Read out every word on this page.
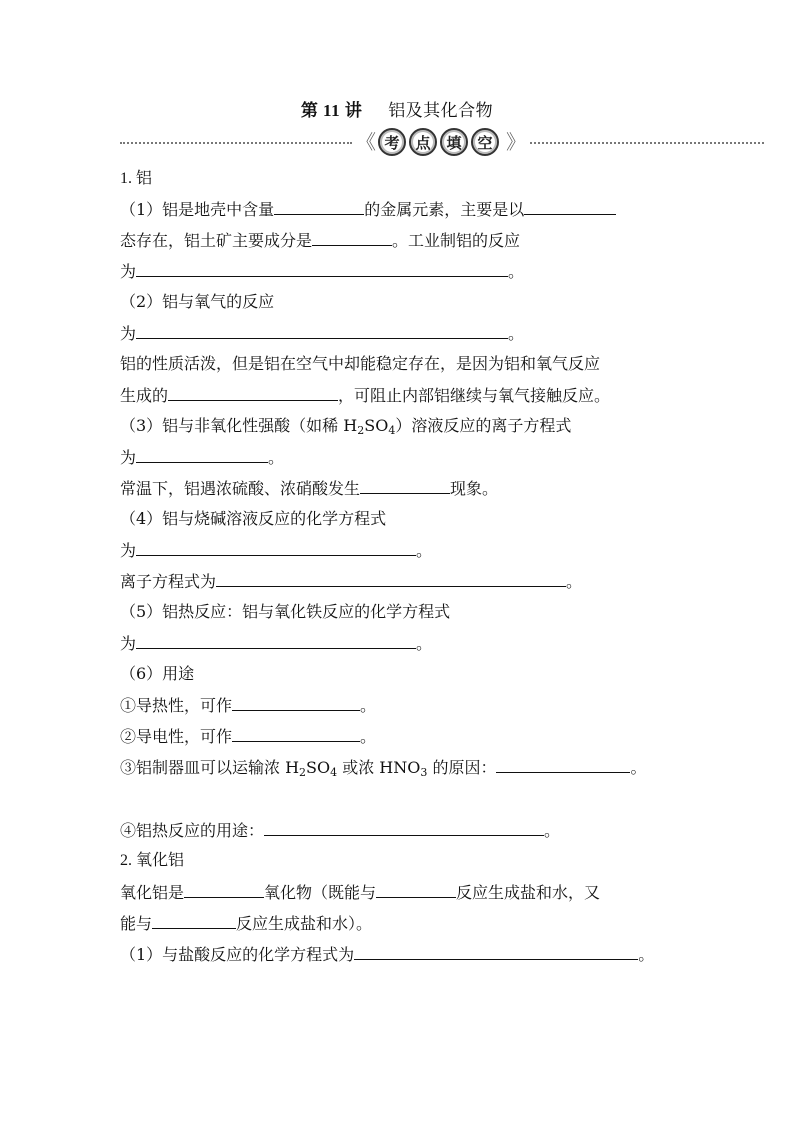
第 11 讲 铝及其化合物
《 考	点	填	空 》
1. 铝
（1）铝是地壳中含量	的金属元素，主要是以
态存在，铝土矿主要成分是	。工业制铝的反应
为	。
（2）铝与氧气的反应
为	。
铝的性质活泼，但是铝在空气中却能稳定存在，是因为铝和氧气反应
生成的	，可阻止内部铝继续与氧气接触反应。
（3）铝与非氧化性强酸（如稀 $H_2SO_4$）溶液反应的离子方程式
为	。
常温下，铝遇浓硫酸、浓硝酸发生	现象。
（4）铝与烧碱溶液反应的化学方程式
为	。
离子方程式为	。
（5）铝热反应：铝与氧化铁反应的化学方程式
为	。
（6）用途
①导热性，可作	。
②导电性，可作	。
③铝制器皿可以运输浓 $H_2SO_4$ 或浓 $HNO_3$ 的原因：	。
④铝热反应的用途：	。
2. 氧化铝
氧化铝是	氧化物（既能与	反应生成盐和水，又
能与	反应生成盐和水）。
（1）与盐酸反应的化学方程式为	。
